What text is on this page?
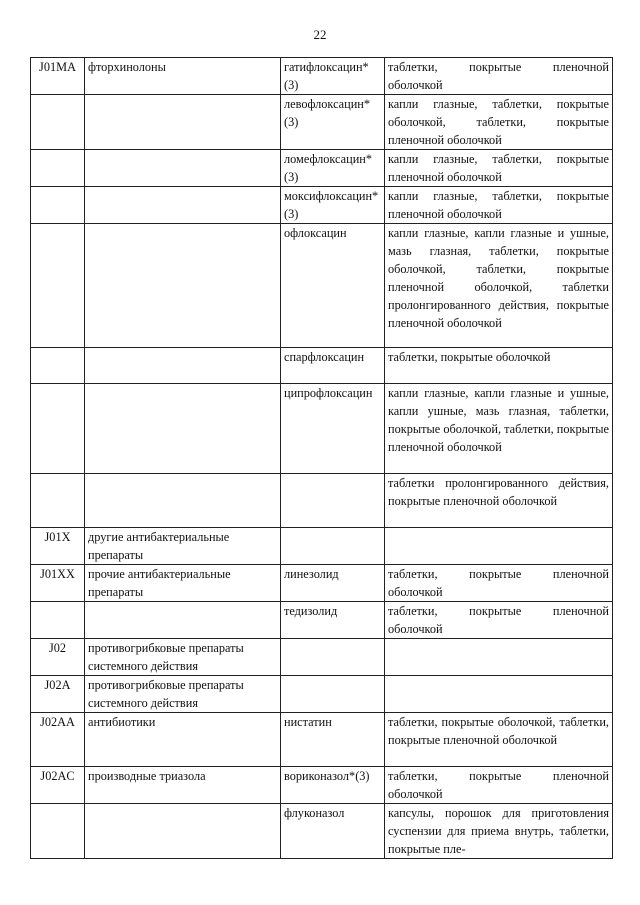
22
J01MA	фторхинолоны	гатифлоксацин*(3)	таблетки, покрытые пленочной оболочкой
		левофлоксацин*(3)	капли глазные, таблетки, покрытые оболочкой, таблетки, покрытые пленочной оболочкой
		ломефлоксацин*(3)	капли глазные, таблетки, покрытые пленочной оболочкой
		моксифлоксацин*(3)	капли глазные, таблетки, покрытые пленочной оболочкой
		офлоксацин	капли глазные, капли глазные и ушные, мазь глазная, таблетки, покрытые оболочкой, таблетки, покрытые пленочной оболочкой, таблетки пролонгированного действия, покрытые пленочной оболочкой
		спарфлоксацин	таблетки, покрытые оболочкой
		ципрофлоксацин	капли глазные, капли глазные и ушные, капли ушные, мазь глазная, таблетки, покрытые оболочкой, таблетки, покрытые пленочной оболочкой
			таблетки пролонгированного действия, покрытые пленочной оболочкой
J01X	другие антибактериальные препараты		
J01XX	прочие антибактериальные препараты	линезолид	таблетки, покрытые пленочной оболочкой
		тедизолид	таблетки, покрытые пленочной оболочкой
J02	противогрибковые препараты системного действия		
J02A	противогрибковые препараты системного действия		
J02AA	антибиотики	нистатин	таблетки, покрытые оболочкой, таблетки, покрытые пленочной оболочкой
J02AC	производные триазола	вориконазол*(3)	таблетки, покрытые пленочной оболочкой
		флуконазол	капсулы, порошок для приготовления суспензии для приема внутрь, таблетки, покрытые пле-
